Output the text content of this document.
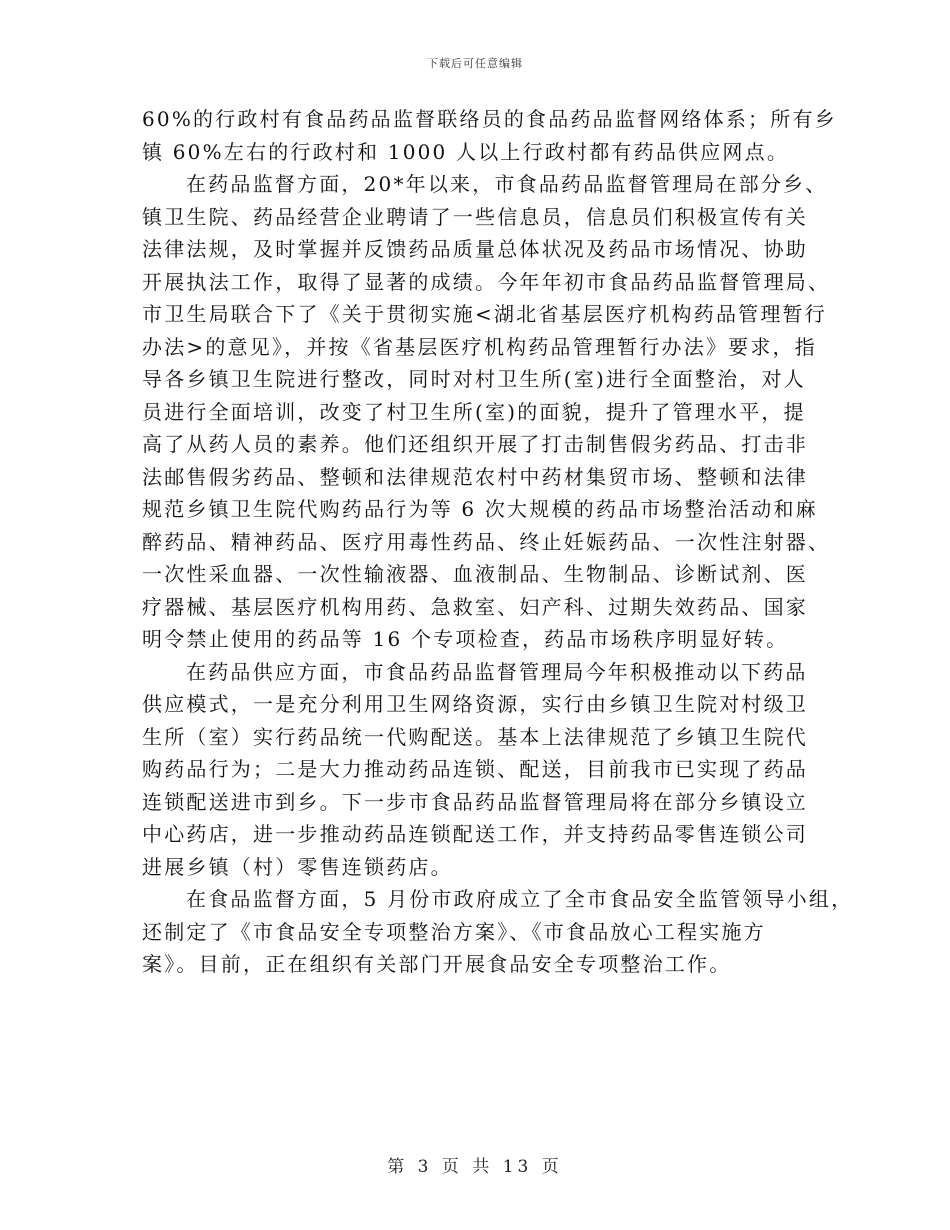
下载后可任意编辑
60%的行政村有食品药品监督联络员的食品药品监督网络体系；所有乡
镇 60%左右的行政村和 1000 人以上行政村都有药品供应网点。
在药品监督方面，20*年以来，市食品药品监督管理局在部分乡、
镇卫生院、药品经营企业聘请了一些信息员，信息员们积极宣传有关
法律法规，及时掌握并反馈药品质量总体状况及药品市场情况、协助
开展执法工作，取得了显著的成绩。今年年初市食品药品监督管理局、
市卫生局联合下了《关于贯彻实施<湖北省基层医疗机构药品管理暂行
办法>的意见》，并按《省基层医疗机构药品管理暂行办法》要求，指
导各乡镇卫生院进行整改，同时对村卫生所(室)进行全面整治，对人
员进行全面培训，改变了村卫生所(室)的面貌，提升了管理水平，提
高了从药人员的素养。他们还组织开展了打击制售假劣药品、打击非
法邮售假劣药品、整顿和法律规范农村中药材集贸市场、整顿和法律
规范乡镇卫生院代购药品行为等 6 次大规模的药品市场整治活动和麻
醉药品、精神药品、医疗用毒性药品、终止妊娠药品、一次性注射器、
一次性采血器、一次性输液器、血液制品、生物制品、诊断试剂、医
疗器械、基层医疗机构用药、急救室、妇产科、过期失效药品、国家
明令禁止使用的药品等 16 个专项检查，药品市场秩序明显好转。
在药品供应方面，市食品药品监督管理局今年积极推动以下药品
供应模式，一是充分利用卫生网络资源，实行由乡镇卫生院对村级卫
生所（室）实行药品统一代购配送。基本上法律规范了乡镇卫生院代
购药品行为；二是大力推动药品连锁、配送，目前我市已实现了药品
连锁配送进市到乡。下一步市食品药品监督管理局将在部分乡镇设立
中心药店，进一步推动药品连锁配送工作，并支持药品零售连锁公司
进展乡镇（村）零售连锁药店。
在食品监督方面，5 月份市政府成立了全市食品安全监管领导小组，
还制定了《市食品安全专项整治方案》、《市食品放心工程实施方
案》。目前，正在组织有关部门开展食品安全专项整治工作。
第 3 页 共 13 页
